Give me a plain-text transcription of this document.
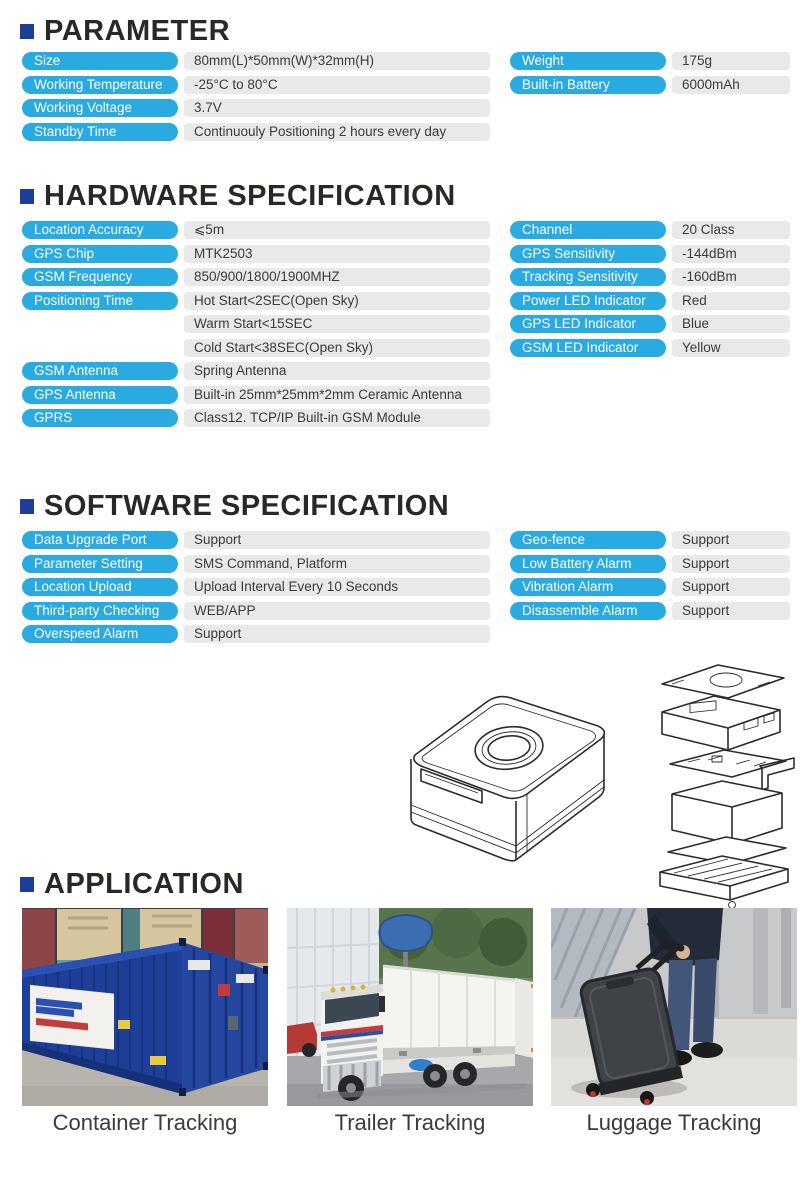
PARAMETER
Size	80mm(L)*50mm(W)*32mm(H)
Working Temperature	-25°C to 80°C
Working Voltage	3.7V
Standby Time	Continuouly Positioning 2 hours every day
Weight	175g
Built-in Battery	6000mAh
HARDWARE SPECIFICATION
Location Accuracy	⩽5m
GPS Chip	MTK2503
GSM Frequency	850/900/1800/1900MHZ
Positioning Time	Hot Start<2SEC(Open Sky)
Warm Start<15SEC
Cold Start<38SEC(Open Sky)
GSM Antenna	Spring Antenna
GPS Antenna	Built-in 25mm*25mm*2mm Ceramic Antenna
GPRS	Class12. TCP/IP Built-in GSM Module
Channel	20 Class
GPS Sensitivity	-144dBm
Tracking Sensitivity	-160dBm
Power LED Indicator	Red
GPS LED Indicator	Blue
GSM LED Indicator	Yellow
SOFTWARE SPECIFICATION
Data Upgrade Port	Support
Parameter Setting	SMS Command, Platform
Location Upload	Upload Interval Every 10 Seconds
Third-party Checking	WEB/APP
Overspeed Alarm	Support
Geo-fence	Support
Low Battery Alarm	Support
Vibration Alarm	Support
Disassemble Alarm	Support
APPLICATION
Container Tracking	Trailer Tracking	Luggage Tracking
